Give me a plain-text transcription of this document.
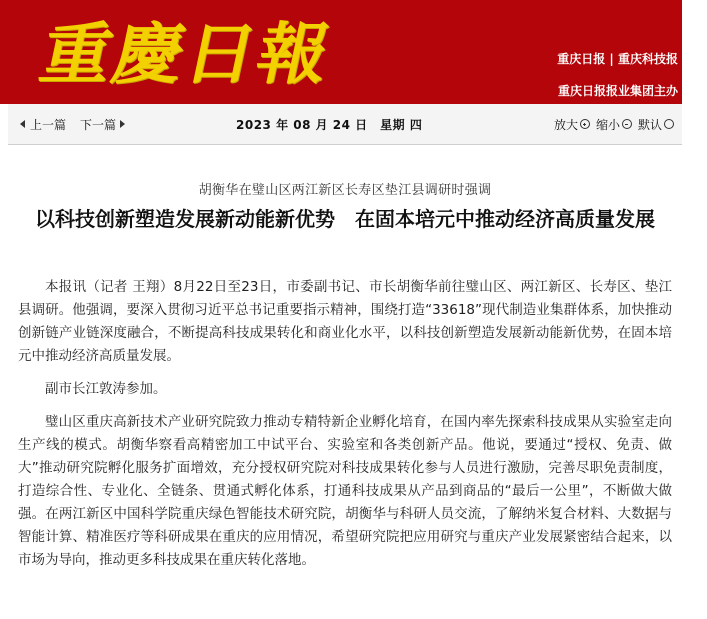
重
慶
日
報	重庆日报 | 重庆科技报
重庆日报报业集团主办
上一篇 下一篇	2023 年 08 月 24 日　星期 四	放大 缩小 默认
胡衡华在璧山区两江新区长寿区垫江县调研时强调
以科技创新塑造发展新动能新优势　在固本培元中推动经济高质量发展

本报讯（记者 王翔）8月22日至23日，市委副书记、市长胡衡华前往璧山区、两江新区、长寿区、垫江县调研。他强调，要深入贯彻习近平总书记重要指示精神，围绕打造“33618”现代制造业集群体系，加快推动创新链产业链深度融合，不断提高科技成果转化和商业化水平，以科技创新塑造发展新动能新优势，在固本培元中推动经济高质量发展。

副市长江敦涛参加。

璧山区重庆高新技术产业研究院致力推动专精特新企业孵化培育，在国内率先探索科技成果从实验室走向生产线的模式。胡衡华察看高精密加工中试平台、实验室和各类创新产品。他说，要通过“授权、免责、做大”推动研究院孵化服务扩面增效，充分授权研究院对科技成果转化参与人员进行激励，完善尽职免责制度，打造综合性、专业化、全链条、贯通式孵化体系，打通科技成果从产品到商品的“最后一公里”，不断做大做强。在两江新区中国科学院重庆绿色智能技术研究院，胡衡华与科研人员交流，了解纳米复合材料、大数据与智能计算、精准医疗等科研成果在重庆的应用情况，希望研究院把应用研究与重庆产业发展紧密结合起来，以市场为导向，推动更多科技成果在重庆转化落地。
